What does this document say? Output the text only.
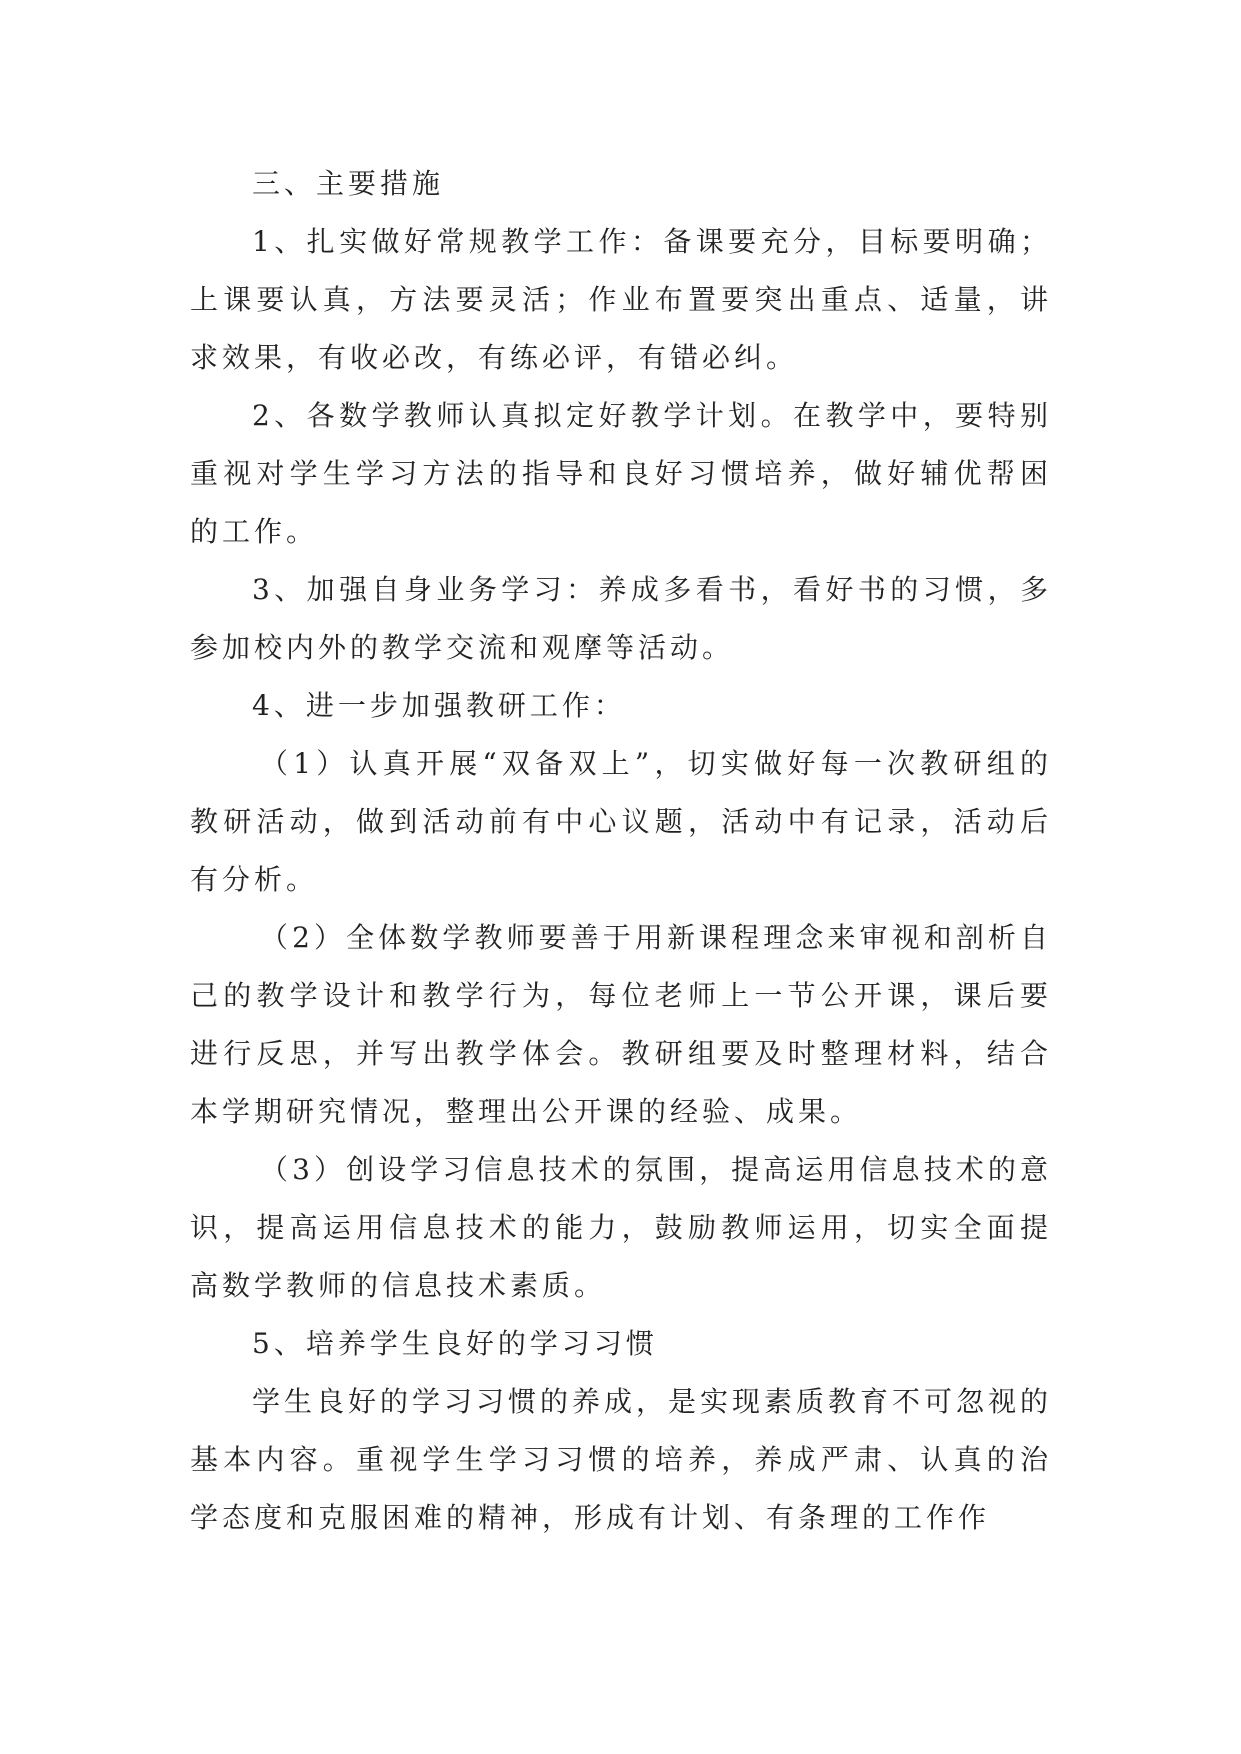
三、主要措施

1、扎实做好常规教学工作：备课要充分，目标要明确；上课要认真，方法要灵活；作业布置要突出重点、适量，讲求效果，有收必改，有练必评，有错必纠。

2、各数学教师认真拟定好教学计划。在教学中，要特别重视对学生学习方法的指导和良好习惯培养，做好辅优帮困的工作。

3、加强自身业务学习：养成多看书，看好书的习惯，多参加校内外的教学交流和观摩等活动。

4、进一步加强教研工作：

（1）认真开展“双备双上”，切实做好每一次教研组的教研活动，做到活动前有中心议题，活动中有记录，活动后有分析。

（2）全体数学教师要善于用新课程理念来审视和剖析自己的教学设计和教学行为，每位老师上一节公开课，课后要进行反思，并写出教学体会。教研组要及时整理材料，结合本学期研究情况，整理出公开课的经验、成果。

（3）创设学习信息技术的氛围，提高运用信息技术的意识，提高运用信息技术的能力，鼓励教师运用，切实全面提高数学教师的信息技术素质。

5、培养学生良好的学习习惯

学生良好的学习习惯的养成，是实现素质教育不可忽视的基本内容。重视学生学习习惯的培养，养成严肃、认真的治学态度和克服困难的精神，形成有计划、有条理的工作作
